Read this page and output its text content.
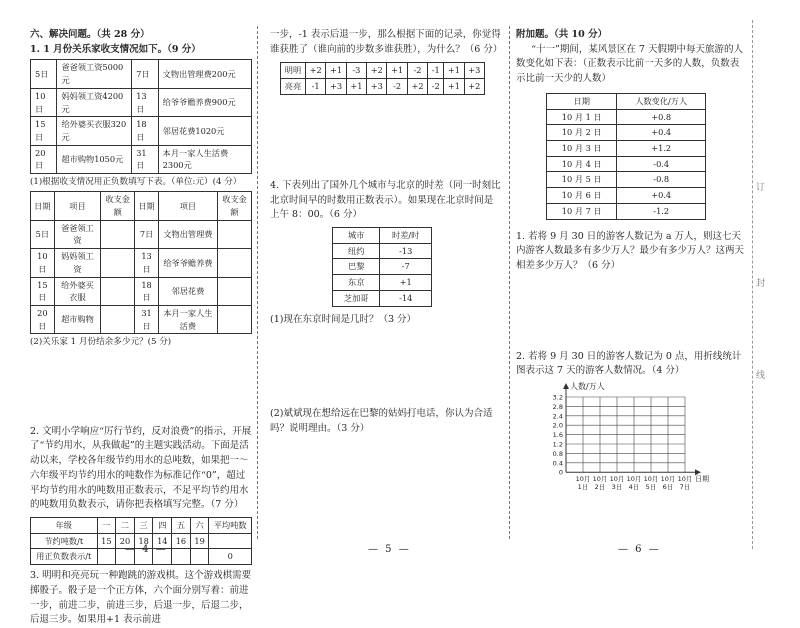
订
封
线

六、解决问题。（共 28 分）

1. 1 月份关乐家收支情况如下。（9 分）

5日	爸爸领工资5000元	7日	文物出管理费200元
10日	妈妈领工资4200元	13日	给爷爷赡养费900元
15日	给外婆买衣服320元	18日	邻居花费1020元
20日	超市购物1050元	31日	本月一家人生活费2300元

(1)根据收支情况用正负数填写下表。（单位:元）(4 分）

日期	项目	收支金额	日期	项目	收支金额
5日	爸爸领工资		7日	文物出管理费	
10日	妈妈领工资		13日	给爷爷赡养费	
15日	给外婆买衣服		18日	邻居花费	
20日	超市购物		31日	本月一家人生活费	

(2)关乐家 1 月份结余多少元？(5 分)

2. 文明小学响应“厉行节约，反对浪费”的指示，开展了“节约用水，从我做起”的主题实践活动。下面是活动以来，学校各年级节约用水的总吨数，如果把一～六年级平均节约用水的吨数作为标准记作“0”，超过平均节约用水的吨数用正数表示，不足平均节约用水的吨数用负数表示，请你把表格填写完整。（7 分）

年级	一	二	三	四	五	六	平均吨数
节约吨数/t	15	20	18	14	16	19	
用正负数表示/t							0

3. 明明和亮亮玩一种跑跳的游戏棋。这个游戏棋需要掷骰子。骰子是一个正方体，六个面分别写着：前进一步，前进二步，前进三步，后退一步，后退二步，后退三步。如果用+1 表示前进

— 4 —

一步，-1 表示后退一步，那么根据下面的记录，你觉得谁获胜了（谁向前的步数多谁获胜），为什么？（6 分）

明明	+2	+1	-3	+2	+1	-2	-1	+1	+3
亮亮	-1	+3	+1	+3	-2	+2	-2	+1	+2

4. 下表列出了国外几个城市与北京的时差（同一时刻比北京时间早的时数用正数表示）。如果现在北京时间是上午 8：00。（6 分）

城市	时差/时
纽约	-13
巴黎	-7
东京	+1
芝加哥	-14

(1)现在东京时间是几时？（3 分）

(2)斌斌现在想给远在巴黎的姑妈打电话，你认为合适吗？说明理由。（3 分）

— 5 —

附加题。（共 10 分）

“十一”期间，某风景区在 7 天假期中每天旅游的人数变化如下表：（正数表示比前一天多的人数，负数表示比前一天少的人数）

日期	人数变化/万人
10 月 1 日	+0.8
10 月 2 日	+0.4
10 月 3 日	+1.2
10 月 4 日	-0.4
10 月 5 日	-0.8
10 月 6 日	+0.4
10 月 7 日	-1.2

1. 若将 9 月 30 日的游客人数记为 a 万人，则这七天内游客人数最多有多少万人？最少有多少万人？这两天相差多少万人？（6 分）

2. 若将 9 月 30 日的游客人数记为 0 点，用折线统计图表示这 7 天的游客人数情况。（4 分）

人数/万人
3.2
2.8
2.4
2.0
1.6
1.2
0.8
0.4
0
10月
1日
10月
2日
10月
3日
10月
4日
10月
5日
10月
6日
10月
7日
日期
— 6 —
